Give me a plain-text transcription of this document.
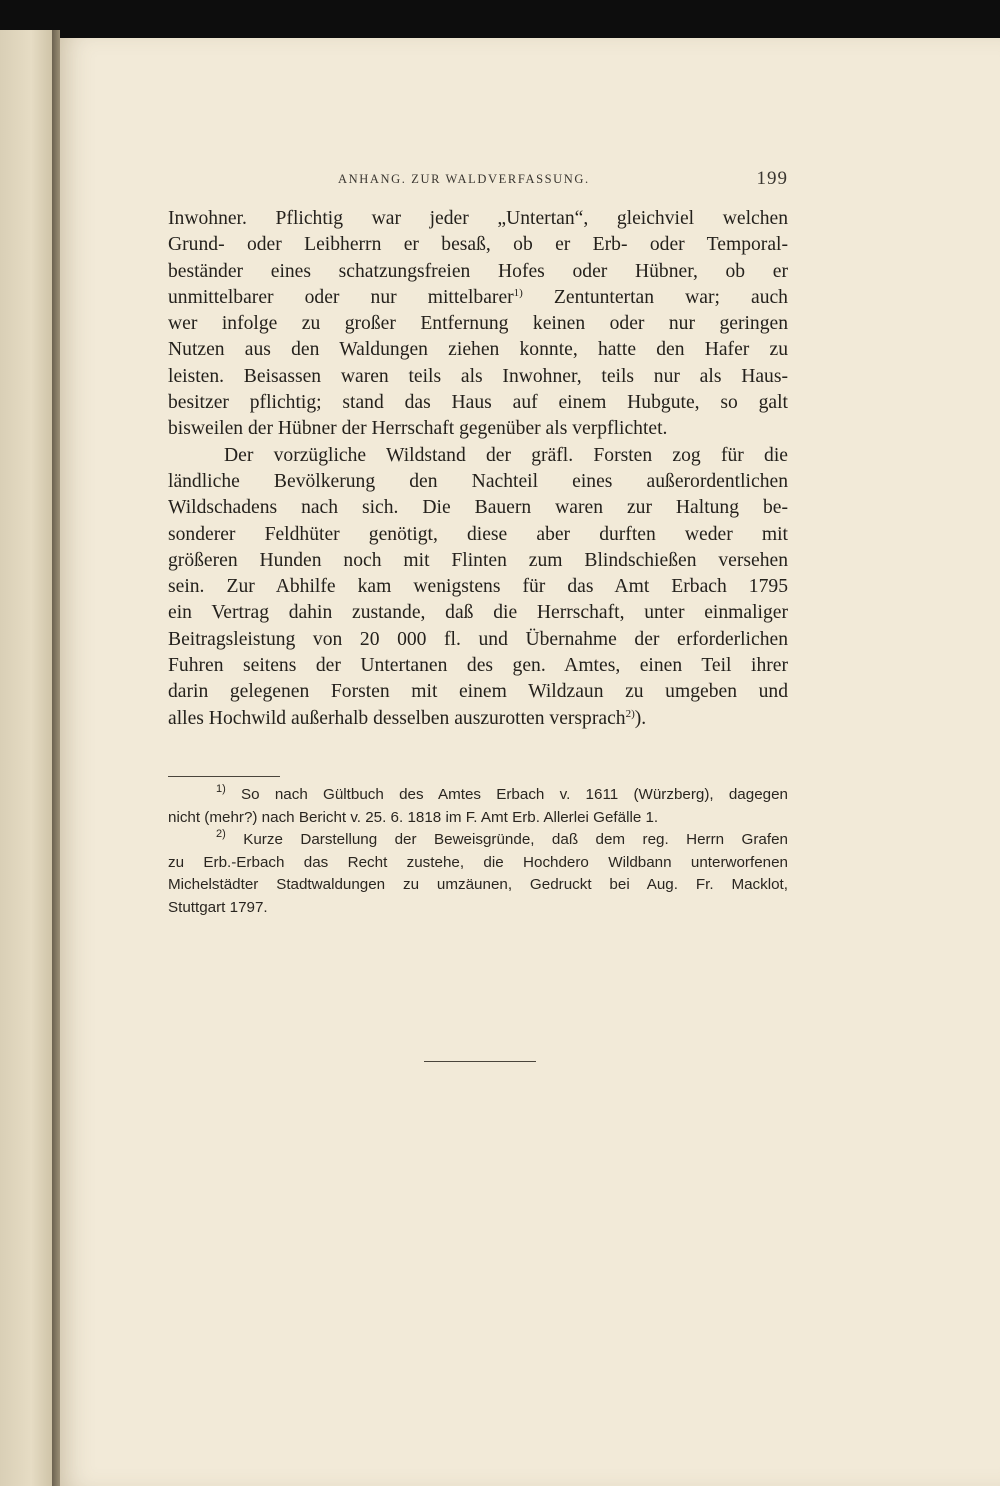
ANHANG. ZUR WALDVERFASSUNG.	199

Inwohner. Pflichtig war jeder „Untertan“, gleichviel welchen
Grund- oder Leibherrn er besaß, ob er Erb- oder Temporal-
beständer eines schatzungsfreien Hofes oder Hübner, ob er
unmittelbarer oder nur mittelbarer$^{1)}$ Zentuntertan war; auch
wer infolge zu großer Entfernung keinen oder nur geringen
Nutzen aus den Waldungen ziehen konnte, hatte den Hafer zu
leisten. Beisassen waren teils als Inwohner, teils nur als Haus-
besitzer pflichtig; stand das Haus auf einem Hubgute, so galt
bisweilen der Hübner der Herrschaft gegenüber als verpflichtet.

Der vorzügliche Wildstand der gräfl. Forsten zog für die
ländliche Bevölkerung den Nachteil eines außerordentlichen
Wildschadens nach sich. Die Bauern waren zur Haltung be-
sonderer Feldhüter genötigt, diese aber durften weder mit
größeren Hunden noch mit Flinten zum Blindschießen versehen
sein. Zur Abhilfe kam wenigstens für das Amt Erbach 1795
ein Vertrag dahin zustande, daß die Herrschaft, unter einmaliger
Beitragsleistung von 20 000 fl. und Übernahme der erforderlichen
Fuhren seitens der Untertanen des gen. Amtes, einen Teil ihrer
darin gelegenen Forsten mit einem Wildzaun zu umgeben und
alles Hochwild außerhalb desselben auszurotten versprach$^{2)}$).

$^{1)}$ So nach Gültbuch des Amtes Erbach v. 1611 (Würzberg), dagegen
nicht (mehr?) nach Bericht v. 25. 6. 1818 im F. Amt Erb. Allerlei Gefälle 1.
$^{2)}$ Kurze Darstellung der Beweisgründe, daß dem reg. Herrn Grafen
zu Erb.-Erbach das Recht zustehe, die Hochdero Wildbann unterworfenen
Michelstädter Stadtwaldungen zu umzäunen, Gedruckt bei Aug. Fr. Macklot,
Stuttgart 1797.
